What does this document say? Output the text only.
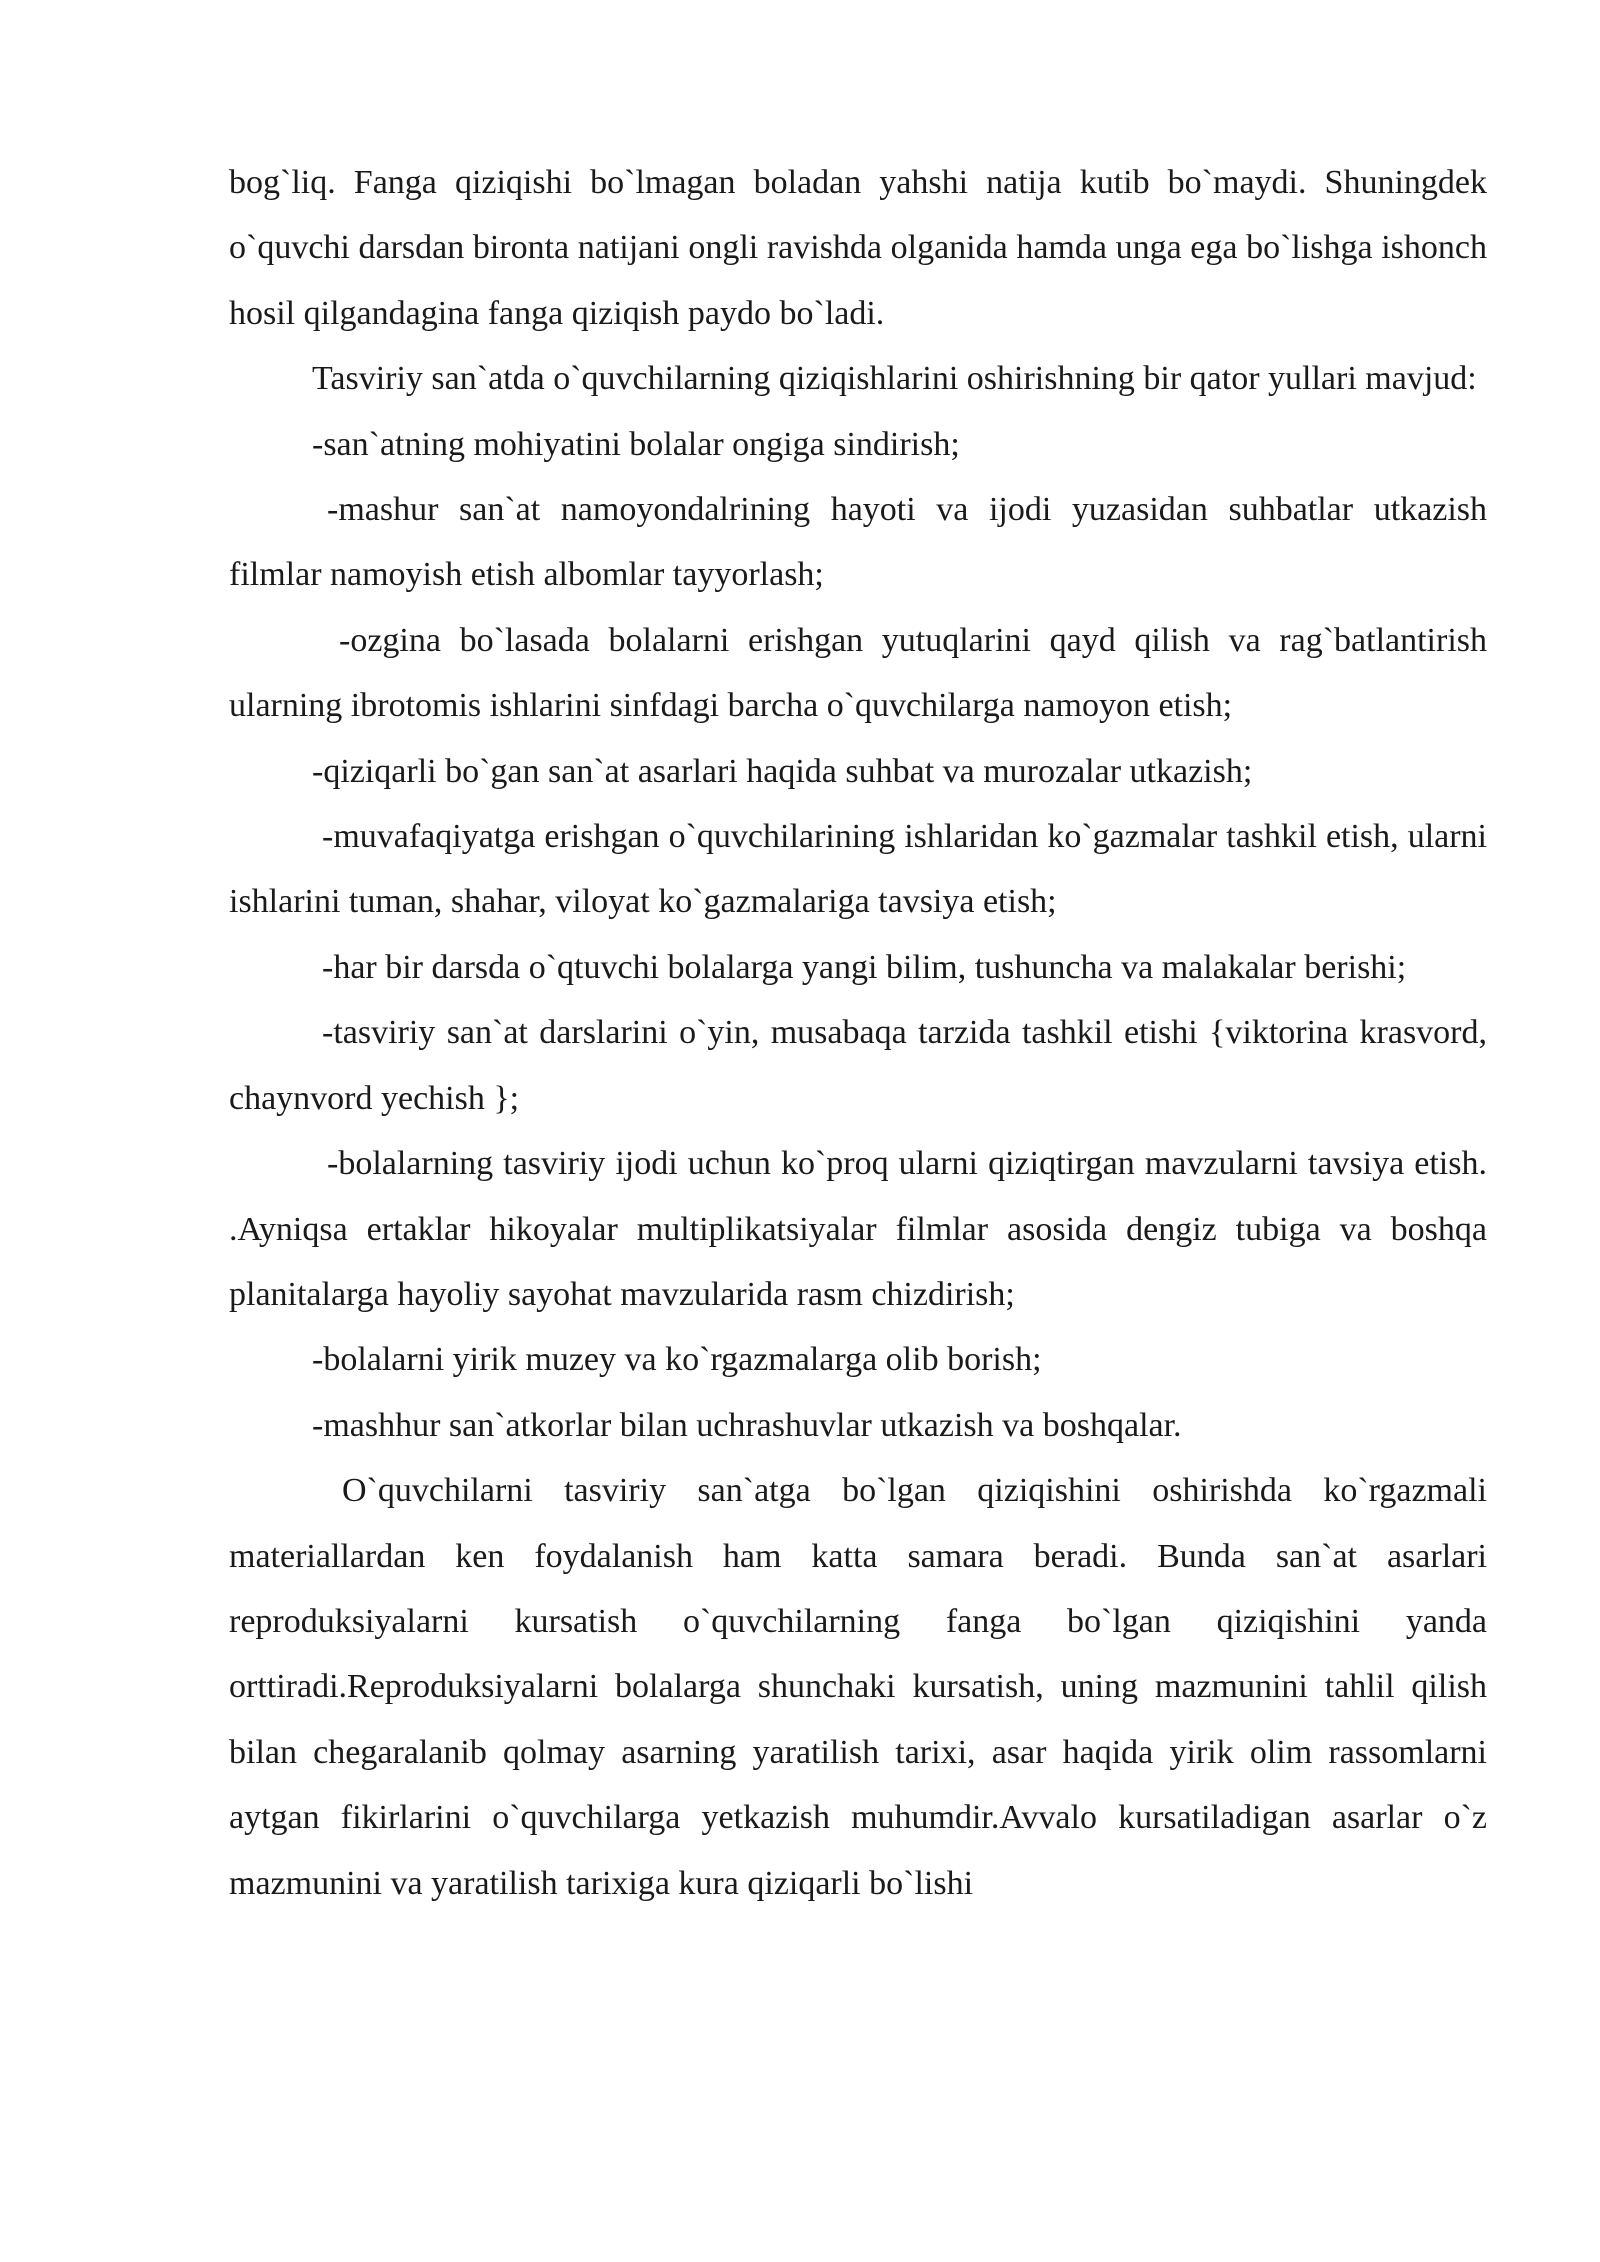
bog`liq. Fanga qiziqishi bo`lmagan boladan yahshi natija kutib bo`maydi. Shuningdek o`quvchi darsdan bironta natijani ongli ravishda olganida hamda unga ega bo`lishga ishonch hosil qilgandagina fanga qiziqish paydo bo`ladi.

Tasviriy san`atda o`quvchilarning qiziqishlarini oshirishning bir qator yullari mavjud:

-san`atning mohiyatini bolalar ongiga sindirish;

-mashur san`at namoyondalrining hayoti va ijodi yuzasidan suhbatlar utkazish filmlar namoyish etish albomlar tayyorlash;

-ozgina bo`lasada bolalarni erishgan yutuqlarini qayd qilish va rag`batlantirish ularning ibrotomis ishlarini sinfdagi barcha o`quvchilarga namoyon etish;

-qiziqarli bo`gan san`at asarlari haqida suhbat va murozalar utkazish;

-muvafaqiyatga erishgan o`quvchilarining ishlaridan ko`gazmalar tashkil etish, ularni ishlarini tuman, shahar, viloyat ko`gazmalariga tavsiya etish;

-har bir darsda o`qtuvchi bolalarga yangi bilim, tushuncha va malakalar berishi;

-tasviriy san`at darslarini o`yin, musabaqa tarzida tashkil etishi {viktorina krasvord, chaynvord yechish };

-bolalarning tasviriy ijodi uchun ko`proq ularni qiziqtirgan mavzularni tavsiya etish. .Ayniqsa ertaklar hikoyalar multiplikatsiyalar filmlar asosida dengiz tubiga va boshqa planitalarga hayoliy sayohat mavzularida rasm chizdirish;

-bolalarni yirik muzey va ko`rgazmalarga olib borish;

-mashhur san`atkorlar bilan uchrashuvlar utkazish va boshqalar.

O`quvchilarni tasviriy san`atga bo`lgan qiziqishini oshirishda ko`rgazmali materiallardan ken foydalanish ham katta samara beradi. Bunda san`at asarlari reproduksiyalarni kursatish o`quvchilarning fanga bo`lgan qiziqishini yanda orttiradi.Reproduksiyalarni bolalarga shunchaki kursatish, uning mazmunini tahlil qilish bilan chegaralanib qolmay asarning yaratilish tarixi, asar haqida yirik olim rassomlarni aytgan fikirlarini o`quvchilarga yetkazish muhumdir.Avvalo kursatiladigan asarlar o`z mazmunini va yaratilish tarixiga kura qiziqarli bo`lishi
